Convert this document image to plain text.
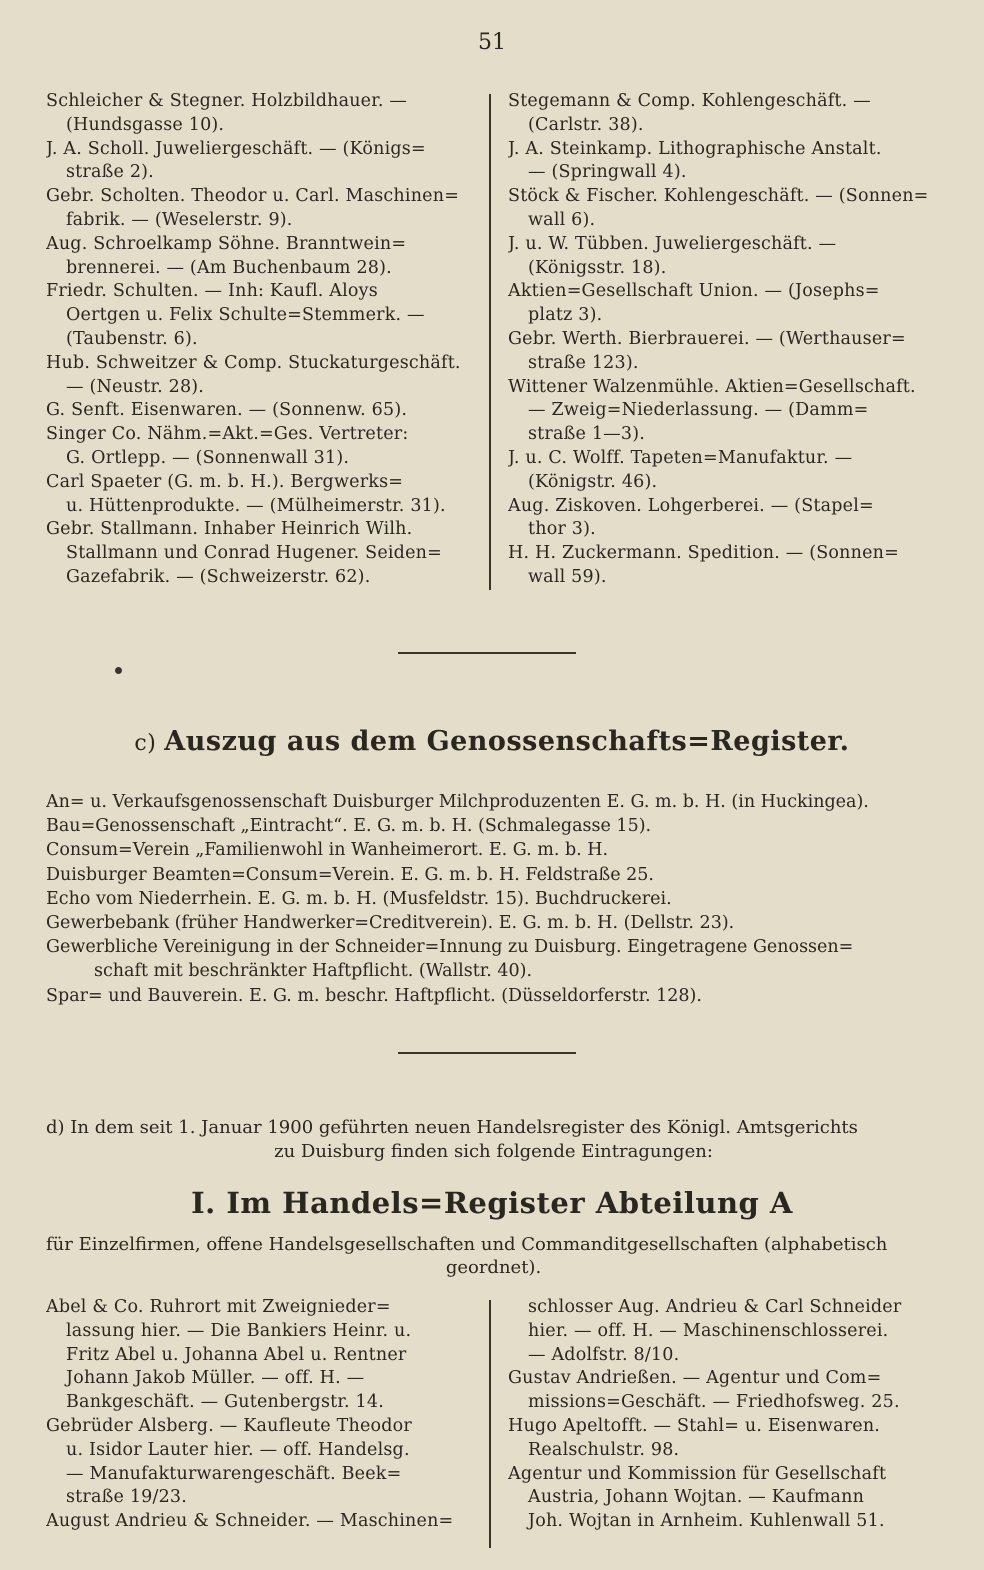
51
Schleicher & Stegner. Holzbildhauer. —
(Hundsgasse 10).
J. A. Scholl. Juweliergeschäft. — (Königs=
straße 2).
Gebr. Scholten. Theodor u. Carl. Maschinen=
fabrik. — (Weselerstr. 9).
Aug. Schroelkamp Söhne. Branntwein=
brennerei. — (Am Buchenbaum 28).
Friedr. Schulten. — Inh: Kaufl. Aloys
Oertgen u. Felix Schulte=Stemmerk. —
(Taubenstr. 6).
Hub. Schweitzer & Comp. Stuckaturgeschäft.
— (Neustr. 28).
G. Senft. Eisenwaren. — (Sonnenw. 65).
Singer Co. Nähm.=Akt.=Ges. Vertreter:
G. Ortlepp. — (Sonnenwall 31).
Carl Spaeter (G. m. b. H.). Bergwerks=
u. Hüttenprodukte. — (Mülheimerstr. 31).
Gebr. Stallmann. Inhaber Heinrich Wilh.
Stallmann und Conrad Hugener. Seiden=
Gazefabrik. — (Schweizerstr. 62).
Stegemann & Comp. Kohlengeschäft. —
(Carlstr. 38).
J. A. Steinkamp. Lithographische Anstalt.
— (Springwall 4).
Stöck & Fischer. Kohlengeschäft. — (Sonnen=
wall 6).
J. u. W. Tübben. Juweliergeschäft. —
(Königsstr. 18).
Aktien=Gesellschaft Union. — (Josephs=
platz 3).
Gebr. Werth. Bierbrauerei. — (Werthauser=
straße 123).
Wittener Walzenmühle. Aktien=Gesellschaft.
— Zweig=Niederlassung. — (Damm=
straße 1—3).
J. u. C. Wolff. Tapeten=Manufaktur. —
(Königstr. 46).
Aug. Ziskoven. Lohgerberei. — (Stapel=
thor 3).
H. H. Zuckermann. Spedition. — (Sonnen=
wall 59).
c) Auszug aus dem Genossenschafts=Register.
An= u. Verkaufsgenossenschaft Duisburger Milchproduzenten E. G. m. b. H. (in Huckingea).
Bau=Genossenschaft „Eintracht“. E. G. m. b. H. (Schmalegasse 15).
Consum=Verein „Familienwohl in Wanheimerort. E. G. m. b. H.
Duisburger Beamten=Consum=Verein. E. G. m. b. H. Feldstraße 25.
Echo vom Niederrhein. E. G. m. b. H. (Musfeldstr. 15). Buchdruckerei.
Gewerbebank (früher Handwerker=Creditverein). E. G. m. b. H. (Dellstr. 23).
Gewerbliche Vereinigung in der Schneider=Innung zu Duisburg. Eingetragene Genossen=
schaft mit beschränkter Haftpflicht. (Wallstr. 40).
Spar= und Bauverein. E. G. m. beschr. Haftpflicht. (Düsseldorferstr. 128).
d) In dem seit 1. Januar 1900 geführten neuen Handelsregister des Königl. Amtsgerichts
zu Duisburg finden sich folgende Eintragungen:
I. Im Handels=Register Abteilung A
für Einzelfirmen, offene Handelsgesellschaften und Commanditgesellschaften (alphabetisch
geordnet).
Abel & Co. Ruhrort mit Zweignieder=
lassung hier. — Die Bankiers Heinr. u.
Fritz Abel u. Johanna Abel u. Rentner
Johann Jakob Müller. — off. H. —
Bankgeschäft. — Gutenbergstr. 14.
Gebrüder Alsberg. — Kaufleute Theodor
u. Isidor Lauter hier. — off. Handelsg.
— Manufakturwarengeschäft. Beek=
straße 19/23.
August Andrieu & Schneider. — Maschinen=
schlosser Aug. Andrieu & Carl Schneider
hier. — off. H. — Maschinenschlosserei.
— Adolfstr. 8/10.
Gustav Andrießen. — Agentur und Com=
missions=Geschäft. — Friedhofsweg. 25.
Hugo Apeltofft. — Stahl= u. Eisenwaren.
Realschulstr. 98.
Agentur und Kommission für Gesellschaft
Austria, Johann Wojtan. — Kaufmann
Joh. Wojtan in Arnheim. Kuhlenwall 51.
